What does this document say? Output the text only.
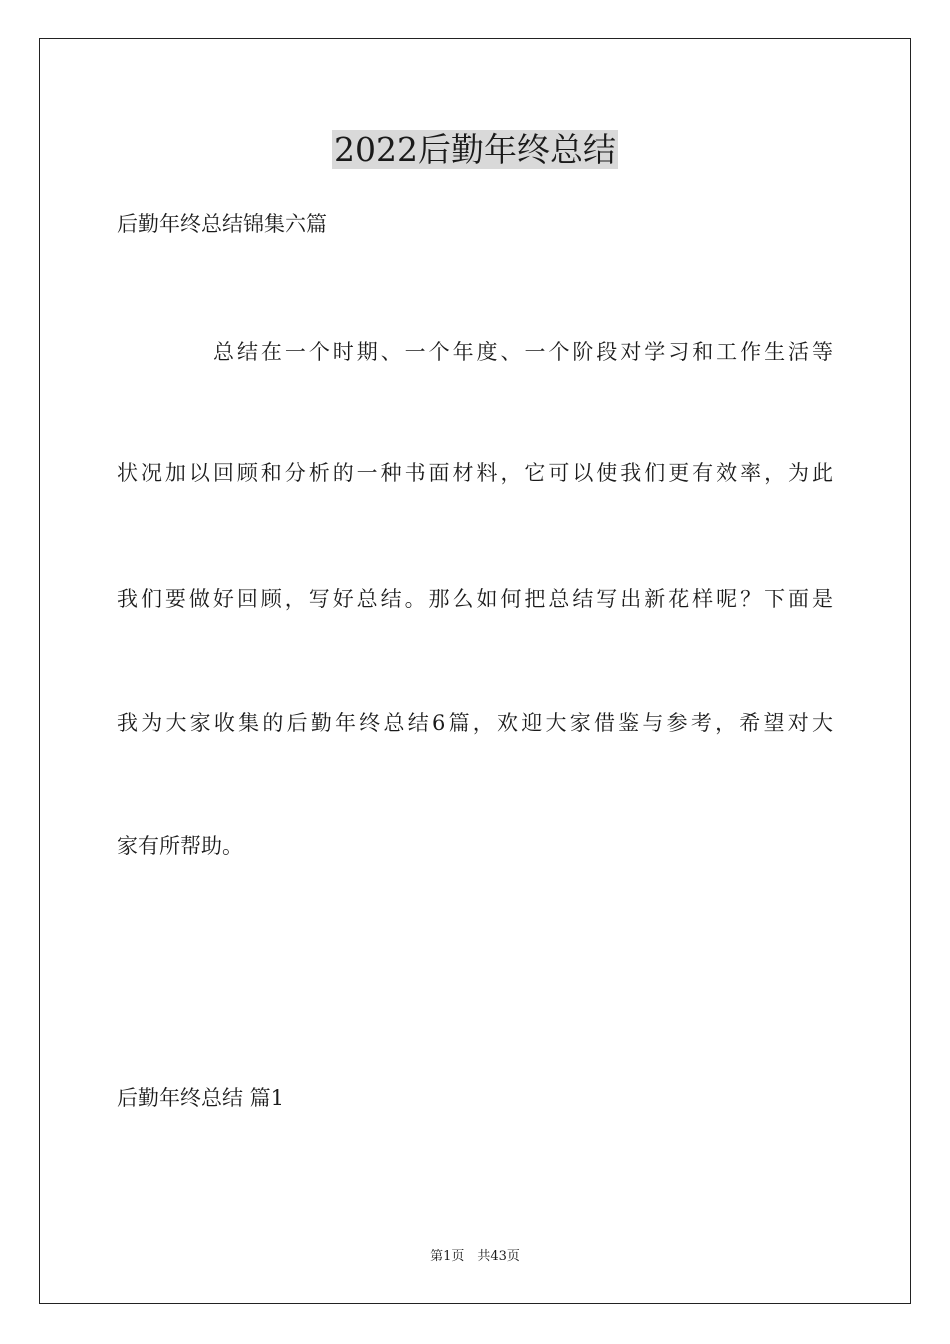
2022后勤年终总结
后勤年终总结锦集六篇
总结在一个时期、一个年度、一个阶段对学习和工作生活等
状况加以回顾和分析的一种书面材料，它可以使我们更有效率，为此
我们要做好回顾，写好总结。那么如何把总结写出新花样呢？下面是
我为大家收集的后勤年终总结6篇，欢迎大家借鉴与参考，希望对大
家有所帮助。
后勤年终总结 篇1
第1页　共43页
